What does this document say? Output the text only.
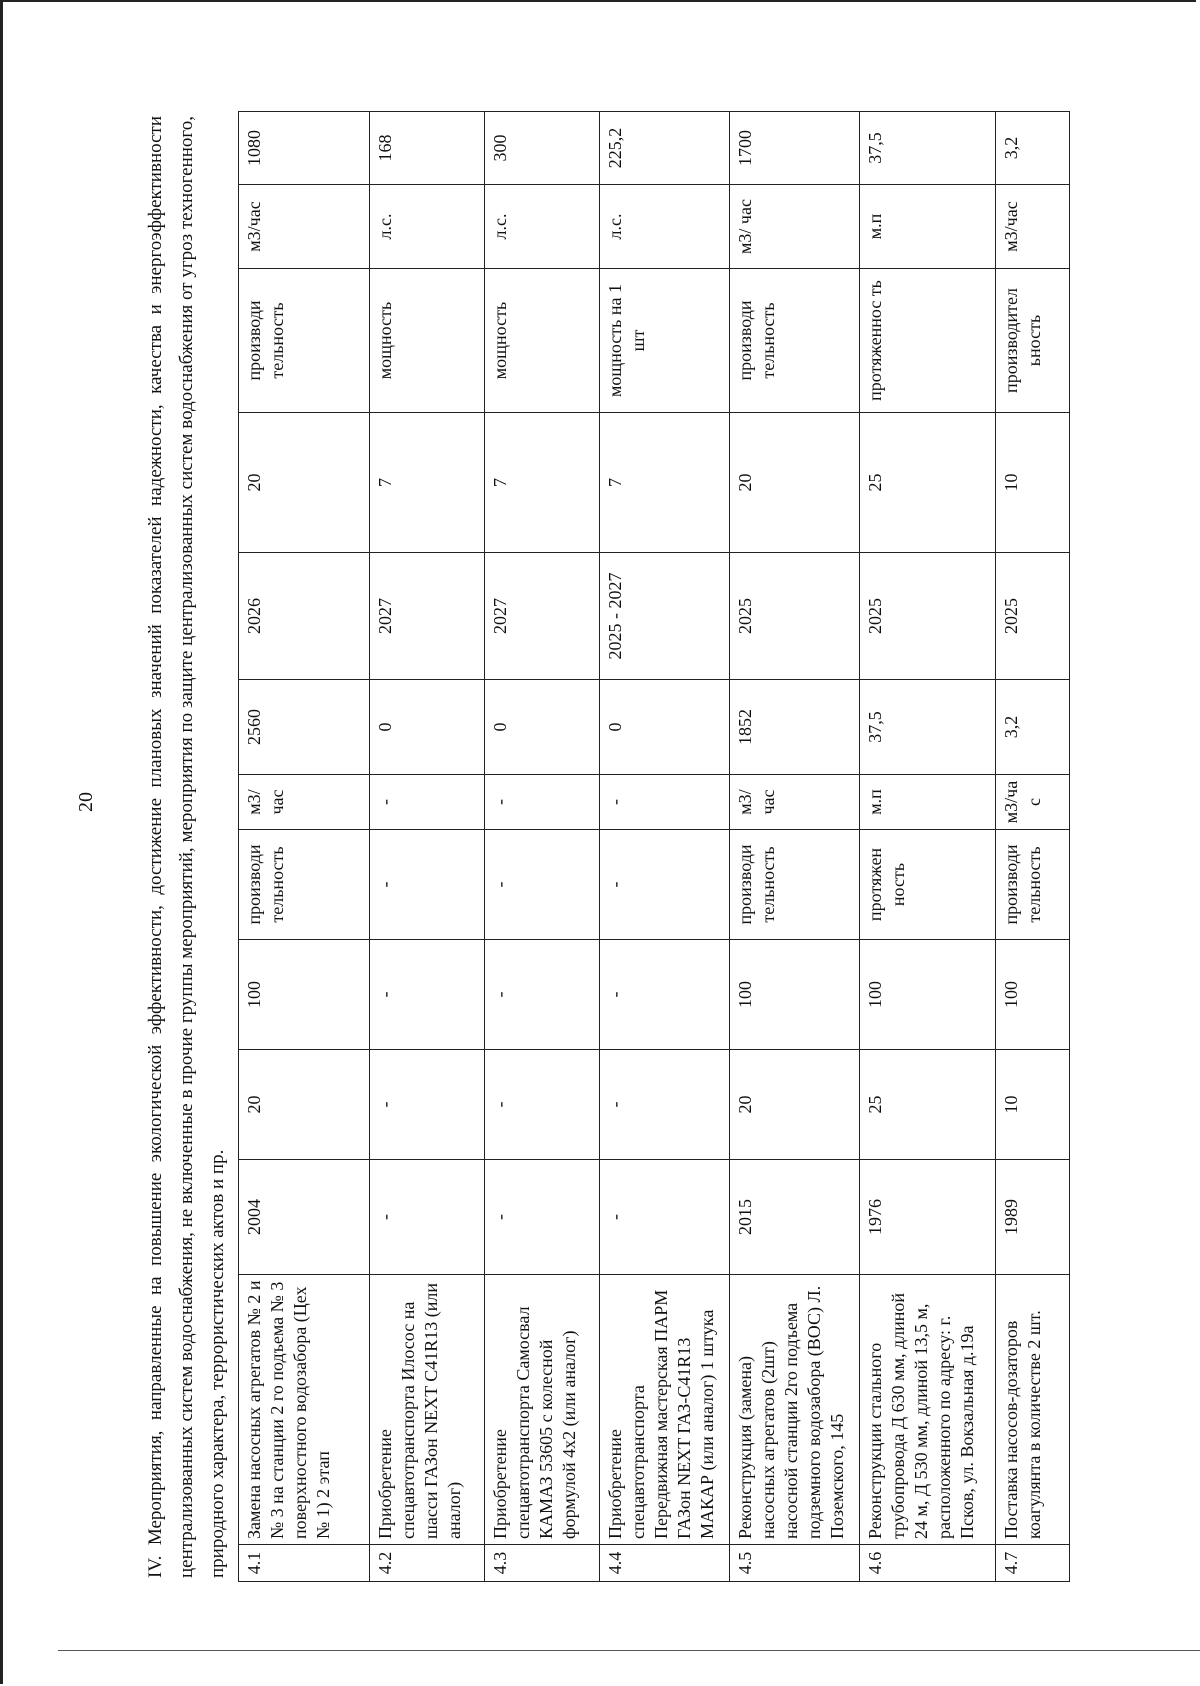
20	IV. Мероприятия, направленные на повышение экологической эффективности, достижение плановых значений показателей надежности, качества и энергоэффективности централизованных систем водоснабжения, не включенные в прочие группы мероприятий, мероприятия по защите централизованных систем водоснабжения от угроз техногенного, природного характера, террористических актов и пр. 4.1	Замена насосных агрегатов № 2 и № 3 на станции 2 го подъема № 3 поверхностного водозабора (Цех № 1) 2 этап	2004	20	100	производи тельность	м3/ час	2560	2026	20	производи тельность	м3/час	1080
4.2	Приобретение спецавтотранспорта Илосос на шасси ГАЗон NEXT C41R13 (или аналог)	-	-	-	-	-	0	2027	7	мощность	л.с.	168
4.3	Приобретение спецавтотранспорта Самосвал КАМАЗ 53605 с колесной формулой 4х2 (или аналог)	-	-	-	-	-	0	2027	7	мощность	л.с.	300
4.4	Приобретение спецавтотранспорта Передвижная мастерская ПАРМ ГАЗон NEXT ГАЗ-C41R13 МАКАР (или аналог) 1 штука	-	-	-	-	-	0	2025 - 2027	7	мощность на 1 шт	л.с.	225,2
4.5	Реконструкция (замена) насосных агрегатов (2шт) насосной станции 2го подъема подземного водозабора (ВОС) Л. Поземского, 145	2015	20	100	производи тельность	м3/ час	1852	2025	20	производи тельность	м3/ час	1700
4.6	Реконструкции стального трубопровода Д 630 мм, длиной 24 м, Д 530 мм, длиной 13,5 м, расположенного по адресу: г. Псков, ул. Вокзальная д.19а	1976	25	100	протяжен ность	м.п	37,5	2025	25	протяженнос ть	м.п	37,5
4.7	Поставка насосов-дозаторов коагулянта в количестве 2 шт.	1989	10	100	производи тельность	м3/ча с	3,2	2025	10	производител ьность	м3/час	3,2
